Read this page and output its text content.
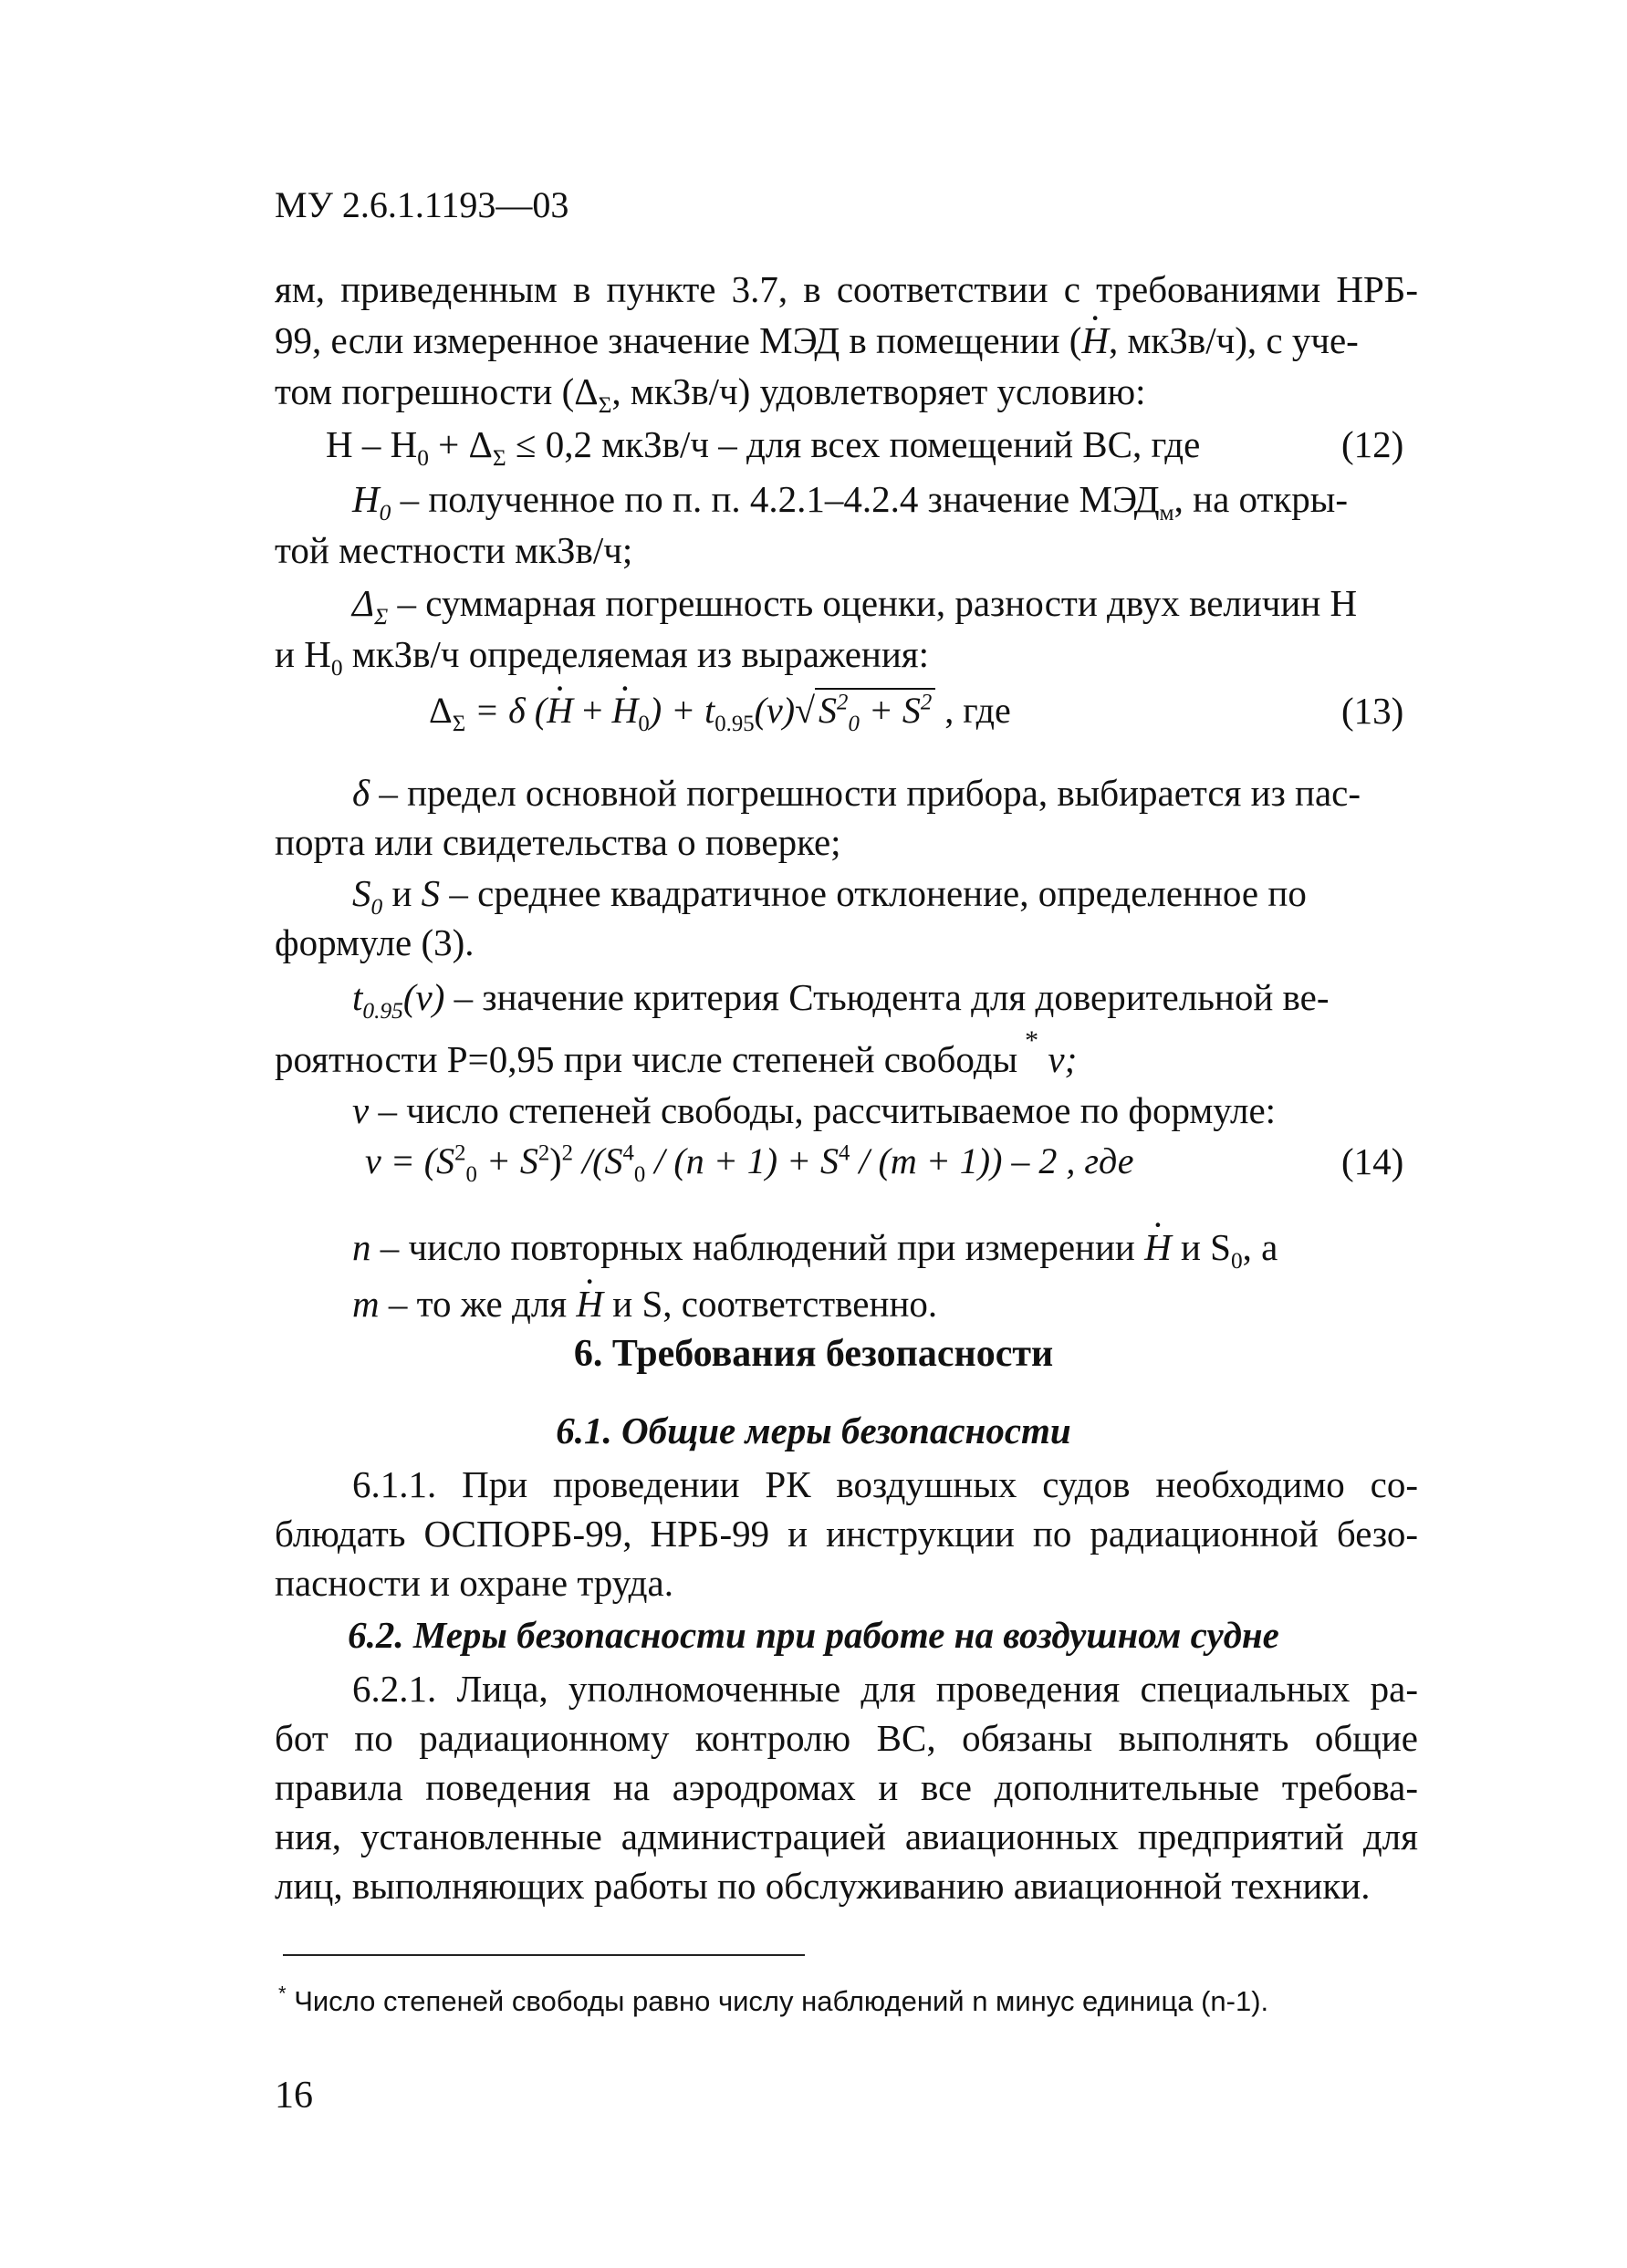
МУ 2.6.1.1193—03
ям, приведенным в пункте 3.7, в соответствии с требованиями НРБ-
99, если измеренное значение МЭД в помещении (· Н, мкЗв/ч), с уче-
том погрешности ($\Delta_\Sigma$, мкЗв/ч) удовлетворяет условию:
$Н - Н_0 + \Delta_\Sigma \le 0,2$ мкЗв/ч – для всех помещений ВС, где	(12)
$Н_0$ – полученное по п. п. 4.2.1–4.2.4 значение $МЭД_м$, на откры-
той местности мкЗв/ч;
$\Delta_\Sigma$ – суммарная погрешность оценки, разности двух величин Н
и $Н_0$ мкЗв/ч определяемая из выражения:
$\Delta_\Sigma = \delta$ (· Н + · $Н_0) + t_{0.95}(\nu)√$ $S^2_0 + S^2$ , где	(13)
δ – предел основной погрешности прибора, выбирается из пас-
порта или свидетельства о поверке;
$S_0$ и S – среднее квадратичное отклонение, определенное по
формуле (3).
$t_{0.95}(\nu)$ – значение критерия Стьюдента для доверительной ве-
роятности Р=0,95 при числе степеней свободы * ν;
ν – число степеней свободы, рассчитываемое по формуле:
$\nu = (S^2_0 + S^2)^2$ $/(S^4_0 / (n + 1) + S^4 / (m + 1)) - 2$ , где	(14)
n – число повторных наблюдений при измерении · Н и $S_0$, а
m – то же для · Н и S, соответственно.
6. Требования безопасности
6.1. Общие меры безопасности
6.1.1. При проведении РК воздушных судов необходимо со-
блюдать ОСПОРБ-99, НРБ-99 и инструкции по радиационной безо-
пасности и охране труда.
6.2. Меры безопасности при работе на воздушном судне
6.2.1. Лица, уполномоченные для проведения специальных ра-
бот по радиационному контролю ВС, обязаны выполнять общие
правила поведения на аэродромах и все дополнительные требова-
ния, установленные администрацией авиационных предприятий для
лиц, выполняющих работы по обслуживанию авиационной техники.
* Число степеней свободы равно числу наблюдений n минус единица (n-1).
16
